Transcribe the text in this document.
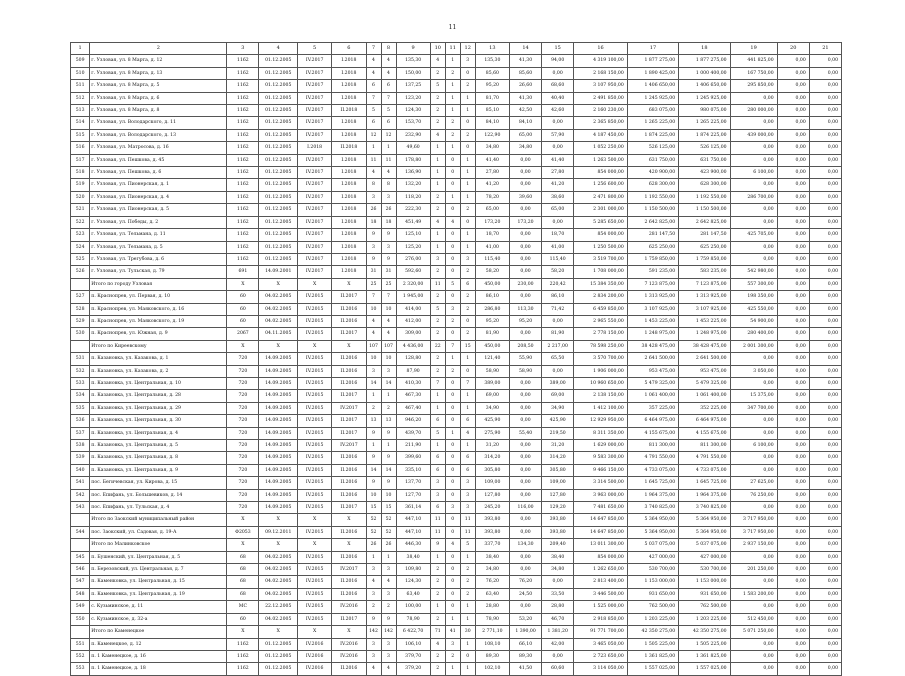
11
1	2	3	4	5	6	7	8	9	10	11	12	13	14	15	16	17	18	19	20	21
509	г. Узловая, ул. 8 Марта, д. 12	1162	01.12.2005	IV.2017	I.2018	4	4	135,30	4	1	3	135,30	41,30	94,00	4 319 100,00	1 877 275,00	1 877 275,00	441 825,00	0,00	0,00
510	г. Узловая, ул. 8 Марта, д. 13	1162	01.12.2005	IV.2017	I.2018	4	4	150,00	2	2	0	85,60	85,60	0,00	2 168 150,00	1 890 425,00	1 000 400,00	167 750,00	0,00	0,00
511	г. Узловая, ул. 8 Марта, д. 5	1162	01.12.2005	IV.2017	I.2018	6	6	137,25	5	1	2	95,20	26,60	68,60	3 107 950,00	1 406 650,00	1 406 650,00	295 850,00	0,00	0,00
512	г. Узловая, ул. 8 Марта, д. 6	1162	01.12.2005	IV.2017	I.2018	7	7	123,20	2	1	1	81,70	41,30	40,40	2 491 850,00	1 245 925,00	1 245 925,00	0,00	0,00	0,00
513	г. Узловая, ул. 8 Марта, д. 8	1162	01.12.2005	IV.2017	II.2018	5	5	124,30	2	1	1	85,10	42,50	42,60	2 160 230,00	683 075,00	980 075,00	280 000,00	0,00	0,00
514	г. Узловая, ул. Володарского, д. 11	1162	01.12.2005	IV.2017	I.2018	6	6	153,70	2	2	0	84,10	84,10	0,00	2 365 850,00	1 265 225,00	1 265 225,00	0,00	0,00	0,00
515	г. Узловая, ул. Володарского, д. 13	1162	01.12.2005	IV.2017	I.2018	12	12	232,90	4	2	2	122,90	65,00	57,90	4 187 450,00	1 874 225,00	1 874 225,00	439 000,00	0,00	0,00
516	г. Узловая, ул. Матросова, д. 16	1162	01.12.2005	I.2018	II.2018	1	1	49,60	1	1	0	34,80	34,80	0,00	1 052 250,00	526 125,00	526 125,00	0,00	0,00	0,00
517	г. Узловая, ул. Пешкова, д. 45	1162	01.12.2005	IV.2017	I.2018	11	11	178,80	1	0	1	41,40	0,00	41,40	1 263 500,00	631 750,00	631 750,00	0,00	0,00	0,00
518	г. Узловая, ул. Пешкова, д. 6	1162	01.12.2005	IV.2017	I.2018	4	4	136,90	1	0	1	27,80	0,00	27,80	854 000,00	420 900,00	423 900,00	6 100,00	0,00	0,00
519	г. Узловая, ул. Пионерская, д. 1	1162	01.12.2005	IV.2017	I.2018	8	8	132,20	1	0	1	41,20	0,00	41,20	1 256 600,00	628 300,00	628 300,00	0,00	0,00	0,00
520	г. Узловая, ул. Пионерская, д. 4	1162	01.12.2005	IV.2017	I.2018	3	3	118,20	2	1	1	78,20	39,60	38,60	2 471 800,00	1 192 550,00	1 192 550,00	286 700,00	0,00	0,00
521	г. Узловая, ул. Пионерская, д. 5	1162	01.12.2005	IV.2017	I.2018	26	26	222,30	2	0	2	65,00	0,00	65,00	2 301 000,00	1 150 500,00	1 150 500,00	0,00	0,00	0,00
522	г. Узловая, ул. Победы, д. 2	1162	01.12.2005	IV.2017	I.2018	18	18	451,49	4	4	0	173,20	173,20	0,00	5 285 650,00	2 642 825,00	2 642 825,00	0,00	0,00	0,00
523	г. Узловая, ул. Тельмана, д. 11	1162	01.12.2005	IV.2017	I.2018	9	9	125,10	1	0	1	18,70	0,00	18,70	854 000,00	281 147,50	281 147,50	425 705,00	0,00	0,00
524	г. Узловая, ул. Тельмана, д. 5	1162	01.12.2005	IV.2017	I.2018	3	3	125,20	1	0	1	41,00	0,00	41,00	1 250 500,00	625 250,00	625 250,00	0,00	0,00	0,00
525	г. Узловая, ул. Трегубова, д. 6	1162	01.12.2005	IV.2017	I.2018	9	9	276,00	3	0	3	115,40	0,00	115,40	3 519 700,00	1 759 850,00	1 759 850,00	0,00	0,00	0,00
526	г. Узловая, ул. Тульская, д. 79	691	14.09.2001	IV.2017	I.2018	31	31	592,60	2	0	2	58,20	0,00	58,20	1 708 000,00	591 235,00	583 235,00	542 980,00	0,00	0,00
	Итого по городу Узловая	X	X	X	X	25	25	2 320,00	11	5	6	450,00	230,00	220,42	15 384 350,00	7 123 875,00	7 123 875,00	557 300,00	0,00	0,00
527	п. Краснопрев, ул. Первая, д. 10	60	04.02.2005	IV.2015	II.2017	7	7	1 945,00	2	0	2	86,10	0,00	86,10	2 834 200,00	1 313 925,00	1 313 925,00	198 350,00	0,00	0,00
528	п. Краснопрев, ул. Маяковского, д. 16	60	04.02.2005	IV.2015	II.2016	10	10	414,00	5	3	2	286,80	113,30	71,42	6 459 850,00	3 107 925,00	3 107 925,00	425 550,00	0,00	0,00
529	п. Краснопрев, ул. Маяковского, д. 19	60	04.02.2005	IV.2015	II.2016	4	4	412,00	2	2	0	95,20	95,20	0,00	2 965 550,00	1 453 225,00	1 453 225,00	54 900,00	0,00	0,00
530	п. Краснопрев, ул. Южная, д. 9	2067	04.11.2005	IV.2015	II.2017	4	4	309,00	2	0	2	81,90	0,00	81,90	2 778 150,00	1 248 975,00	1 248 975,00	280 400,00	0,00	0,00
	Итого по Киреевскому	X	X	X	X	107	107	4 436,00	22	7	15	450,00	208,50	2 217,00	78 598 250,00	38 428 475,00	38 428 475,00	2 001 300,00	0,00	0,00
531	п. Казановка, ул. Казакова, д. 1	720	14.09.2005	IV.2015	II.2016	10	10	128,80	2	1	1	121,40	55,90	65,50	3 570 700,00	2 641 500,00	2 641 500,00	0,00	0,00	0,00
532	п. Казановка, ул. Казакова, д. 2	720	14.09.2005	IV.2015	II.2016	3	3	87,90	2	2	0	58,90	58,90	0,00	1 906 000,00	953 475,00	953 475,00	3 050,00	0,00	0,00
533	п. Казановка, ул. Центральная, д. 10	720	14.09.2005	IV.2015	II.2016	14	14	410,30	7	0	7	389,00	0,00	389,00	10 960 650,00	5 479 325,00	5 479 325,00	0,00	0,00	0,00
534	п. Казановка, ул. Центральная, д. 28	720	14.09.2005	IV.2015	II.2017	1	1	467,30	1	0	1	69,00	0,00	69,00	2 138 150,00	1 061 400,00	1 061 400,00	15 375,00	0,00	0,00
535	п. Казановка, ул. Центральная, д. 29	720	14.09.2005	IV.2015	IV.2017	2	2	467,40	1	0	1	34,90	0,00	34,90	1 412 100,00	357 225,00	352 225,00	347 700,00	0,00	0,00
536	п. Казановка, ул. Центральная, д. 30	720	14.09.2005	IV.2015	II.2017	13	13	946,20	6	0	6	425,90	0,00	425,90	12 929 950,00	6 464 975,00	6 464 975,00	0,00	0,00	0,00
537	п. Казановка, ул. Центральная, д. 4	720	14.09.2005	IV.2015	II.2017	9	9	439,70	5	1	4	275,90	55,40	219,50	8 311 350,00	4 155 675,00	4 155 675,00	0,00	0,00	0,00
538	п. Казановка, ул. Центральная, д. 5	720	14.09.2005	IV.2015	IV.2017	1	1	211,90	1	0	1	31,20	0,00	31,20	1 629 000,00	811 300,00	811 300,00	6 100,00	0,00	0,00
539	п. Казановка, ул. Центральная, д. 8	720	14.09.2005	IV.2015	II.2016	9	9	399,60	6	0	6	314,20	0,00	314,20	9 583 300,00	4 791 550,00	4 791 550,00	0,00	0,00	0,00
540	п. Казановка, ул. Центральная, д. 9	720	14.09.2005	IV.2015	II.2016	14	14	335,10	6	0	6	305,80	0,00	305,80	9 466 150,00	4 733 075,00	4 733 075,00	0,00	0,00	0,00
541	пос. Бегичевская, ул. Кирова, д. 15	720	14.09.2005	IV.2015	II.2016	9	9	137,70	3	0	3	109,00	0,00	109,00	3 314 500,00	1 645 725,00	1 645 725,00	27 625,00	0,00	0,00
542	пос. Епифань, ул. Большевиков, д. 14	720	14.09.2005	IV.2015	II.2016	10	10	127,70	3	0	3	127,80	0,00	127,80	3 963 000,00	1 964 375,00	1 964 375,00	76 250,00	0,00	0,00
543	пос. Епифань, ул. Тульская, д. 4	720	14.09.2005	IV.2015	II.2017	15	15	361,14	6	3	3	245,20	116,00	129,20	7 481 650,00	3 740 825,00	3 740 825,00	0,00	0,00	0,00
	Итого по Заокский муниципальный район	X	X	X	X	52	52	447,10	11	0	11	393,80	0,00	393,80	14 647 850,00	5 364 950,00	5 364 950,00	3 717 950,00	0,00	0,00
544	пос. Заокский, ул. Садовая, д. 19-А	Ф2053	09.12.2011	IV.2015	II.2016	52	52	447,10	11	0	11	393,80	0,00	393,80	14 647 850,00	5 364 950,00	5 364 950,00	3 717 950,00	0,00	0,00
	Итого по Малинковское	X	X	X	X	26	26	446,30	9	4	5	337,70	134,30	209,40	13 011 300,00	5 037 075,00	5 037 075,00	2 937 150,00	0,00	0,00
545	п. Бушенский, ул. Центральная, д. 5	68	04.02.2005	IV.2015	II.2016	1	1	38,40	1	0	1	38,40	0,00	38,40	854 000,00	427 000,00	427 000,00	0,00	0,00	0,00
546	п. Березовский, ул. Центральная, д. 7	68	04.02.2005	IV.2015	IV.2017	3	3	109,80	2	0	2	34,80	0,00	34,80	1 262 650,00	530 700,00	530 700,00	201 250,00	0,00	0,00
547	п. Каменковка, ул. Центральная, д. 15	68	04.02.2005	IV.2015	II.2016	4	4	124,30	2	0	2	76,20	76,20	0,00	2 813 400,00	1 153 000,00	1 153 000,00	0,00	0,00	0,00
548	п. Каменковка, ул. Центральная, д. 19	68	04.02.2005	IV.2015	II.2016	3	3	63,40	2	0	2	63,40	24,50	33,50	3 446 500,00	931 650,00	931 650,00	1 583 200,00	0,00	0,00
549	с. Кузьминское, д. 11	МС	22.12.2005	IV.2015	IV.2016	2	2	100,00	1	0	1	28,80	0,00	28,80	1 525 000,00	762 500,00	762 500,00	0,00	0,00	0,00
550	с. Кузьминское, д. 32-а	60	04.02.2005	IV.2015	II.2017	9	9	78,90	2	1	1	78,90	53,20	46,70	2 918 850,00	1 203 225,00	1 203 225,00	512 450,00	0,00	0,00
	Итого по Каменецкое	X	X	X	X	142	142	6 422,70	71	41	30	2 771,10	1 390,00	1 381,20	91 771 700,00	42 350 275,00	42 350 275,00	5 071 250,00	0,00	0,00
551	п. Каменецкое, д. 12	1162	01.12.2005	IV.2016	IV.2016	3	3	106,10	4	3	1	108,10	66,10	42,00	3 465 050,00	1 505 225,00	1 505 225,00	0,00	0,00	0,00
552	п. 1 Каменецкое, д. 16	1162	01.12.2005	IV.2016	IV.2016	3	3	379,70	2	2	0	89,30	89,30	0,00	2 723 650,00	1 361 825,00	1 361 825,00	0,00	0,00	0,00
553	п. 1 Каменецкое, д. 18	1162	01.12.2005	IV.2016	II.2016	4	4	379,20	2	1	1	102,10	41,50	60,60	3 114 050,00	1 557 025,00	1 557 025,00	0,00	0,00	0,00
